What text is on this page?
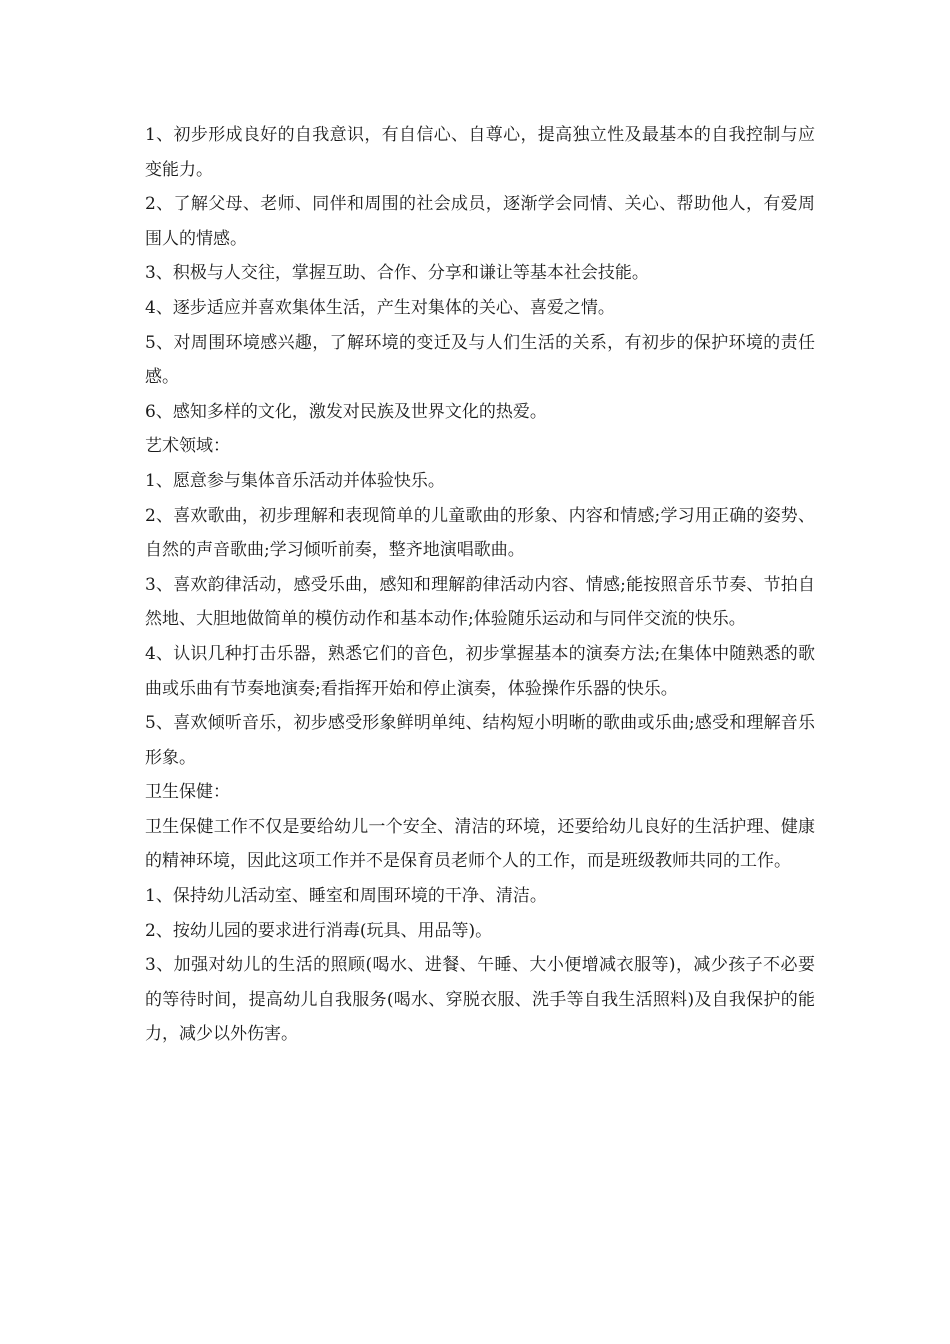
1、初步形成良好的自我意识，有自信心、自尊心，提高独立性及最基本的自我控制与应变能力。

2、了解父母、老师、同伴和周围的社会成员，逐渐学会同情、关心、帮助他人，有爱周围人的情感。

3、积极与人交往，掌握互助、合作、分享和谦让等基本社会技能。

4、逐步适应并喜欢集体生活，产生对集体的关心、喜爱之情。

5、对周围环境感兴趣，了解环境的变迁及与人们生活的关系，有初步的保护环境的责任感。

6、感知多样的文化，激发对民族及世界文化的热爱。

艺术领域：

1、愿意参与集体音乐活动并体验快乐。

2、喜欢歌曲，初步理解和表现简单的儿童歌曲的形象、内容和情感;学习用正确的姿势、自然的声音歌曲;学习倾听前奏，整齐地演唱歌曲。

3、喜欢韵律活动，感受乐曲，感知和理解韵律活动内容、情感;能按照音乐节奏、节拍自然地、大胆地做简单的模仿动作和基本动作;体验随乐运动和与同伴交流的快乐。

4、认识几种打击乐器，熟悉它们的音色，初步掌握基本的演奏方法;在集体中随熟悉的歌曲或乐曲有节奏地演奏;看指挥开始和停止演奏，体验操作乐器的快乐。

5、喜欢倾听音乐，初步感受形象鲜明单纯、结构短小明晰的歌曲或乐曲;感受和理解音乐形象。

卫生保健：

卫生保健工作不仅是要给幼儿一个安全、清洁的环境，还要给幼儿良好的生活护理、健康的精神环境，因此这项工作并不是保育员老师个人的工作，而是班级教师共同的工作。

1、保持幼儿活动室、睡室和周围环境的干净、清洁。

2、按幼儿园的要求进行消毒(玩具、用品等)。

3、加强对幼儿的生活的照顾(喝水、进餐、午睡、大小便增减衣服等)，减少孩子不必要的等待时间，提高幼儿自我服务(喝水、穿脱衣服、洗手等自我生活照料)及自我保护的能力，减少以外伤害。
